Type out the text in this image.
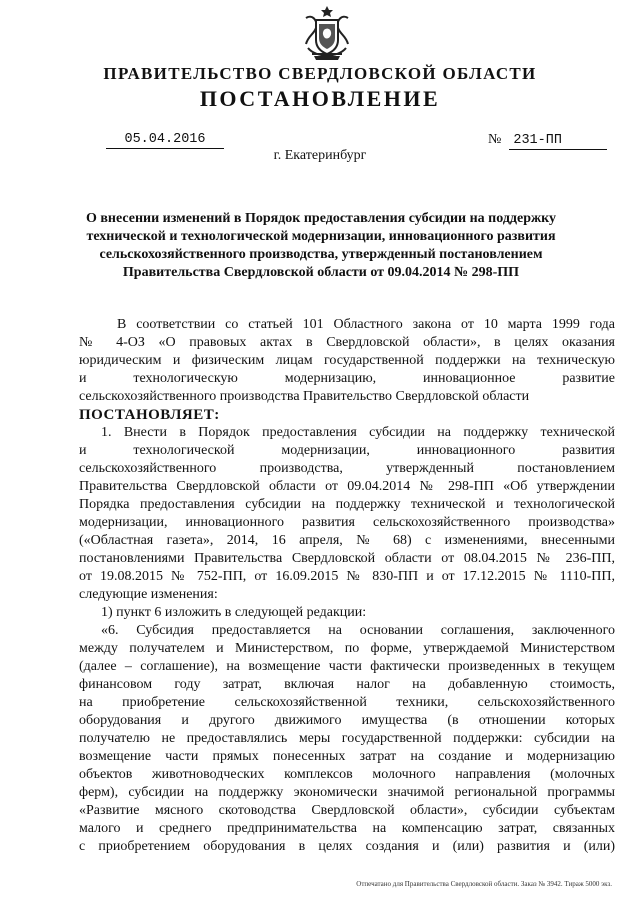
ПРАВИТЕЛЬСТВО СВЕРДЛОВСКОЙ ОБЛАСТИ
ПОСТАНОВЛЕНИЕ
05.04.2016	№ 231-ПП
г. Екатеринбург
О внесении изменений в Порядок предоставления субсидии на поддержку
технической и технологической модернизации, инновационного развития
сельскохозяйственного производства, утвержденный постановлением
Правительства Свердловской области от 09.04.2014 № 298-ПП
В соответствии со статьей 101 Областного закона от 10 марта 1999 года
№ 4-ОЗ «О правовых актах в Свердловской области», в целях оказания
юридическим и физическим лицам государственной поддержки на техническую
и технологическую модернизацию, инновационное развитие
сельскохозяйственного производства Правительство Свердловской области
ПОСТАНОВЛЯЕТ:
1. Внести в Порядок предоставления субсидии на поддержку технической
и технологической модернизации, инновационного развития
сельскохозяйственного производства, утвержденный постановлением
Правительства Свердловской области от 09.04.2014 № 298-ПП «Об утверждении
Порядка предоставления субсидии на поддержку технической и технологической
модернизации, инновационного развития сельскохозяйственного производства»
(«Областная газета», 2014, 16 апреля, № 68) с изменениями, внесенными
постановлениями Правительства Свердловской области от 08.04.2015 № 236-ПП,
от 19.08.2015 № 752-ПП, от 16.09.2015 № 830-ПП и от 17.12.2015 № 1110-ПП,
следующие изменения:
1) пункт 6 изложить в следующей редакции:
«6. Субсидия предоставляется на основании соглашения, заключенного
между получателем и Министерством, по форме, утверждаемой Министерством
(далее – соглашение), на возмещение части фактически произведенных в текущем
финансовом году затрат, включая налог на добавленную стоимость,
на приобретение сельскохозяйственной техники, сельскохозяйственного
оборудования и другого движимого имущества (в отношении которых
получателю не предоставлялись меры государственной поддержки: субсидии на
возмещение части прямых понесенных затрат на создание и модернизацию
объектов животноводческих комплексов молочного направления (молочных
ферм), субсидии на поддержку экономически значимой региональной программы
«Развитие мясного скотоводства Свердловской области», субсидии субъектам
малого и среднего предпринимательства на компенсацию затрат, связанных
с приобретением оборудования в целях создания и (или) развития и (или)
Отпечатано для Правительства Свердловской области. Заказ № 3942. Тираж 5000 экз.
